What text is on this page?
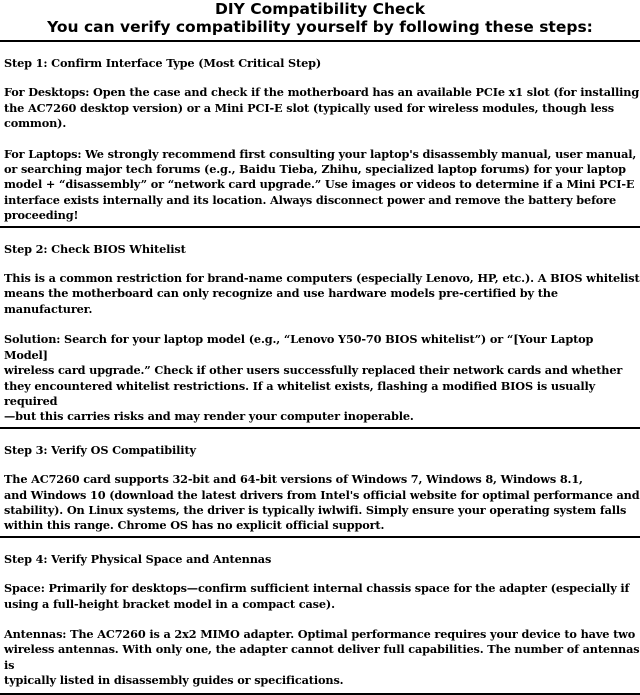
DIY Compatibility Check
You can verify compatibility yourself by following these steps:
Step 1: Confirm Interface Type (Most Critical Step)
For Desktops: Open the case and check if the motherboard has an available PCIe x1 slot (for installing
the AC7260 desktop version) or a Mini PCI-E slot (typically used for wireless modules, though less common).
For Laptops: We strongly recommend first consulting your laptop's disassembly manual, user manual,
or searching major tech forums (e.g., Baidu Tieba, Zhihu, specialized laptop forums) for your laptop
model + “disassembly” or “network card upgrade.” Use images or videos to determine if a Mini PCI-E
interface exists internally and its location. Always disconnect power and remove the battery before
proceeding!
Step 2: Check BIOS Whitelist
This is a common restriction for brand-name computers (especially Lenovo, HP, etc.). A BIOS whitelist
means the motherboard can only recognize and use hardware models pre-certified by the manufacturer.
Solution: Search for your laptop model (e.g., “Lenovo Y50-70 BIOS whitelist”) or “[Your Laptop Model]
wireless card upgrade.” Check if other users successfully replaced their network cards and whether
they encountered whitelist restrictions. If a whitelist exists, flashing a modified BIOS is usually required
—but this carries risks and may render your computer inoperable.
Step 3: Verify OS Compatibility
The AC7260 card supports 32-bit and 64-bit versions of Windows 7, Windows 8, Windows 8.1,
and Windows 10 (download the latest drivers from Intel's official website for optimal performance and
stability). On Linux systems, the driver is typically iwlwifi. Simply ensure your operating system falls
within this range. Chrome OS has no explicit official support.
Step 4: Verify Physical Space and Antennas
Space: Primarily for desktops—confirm sufficient internal chassis space for the adapter (especially if
using a full-height bracket model in a compact case).
Antennas: The AC7260 is a 2x2 MIMO adapter. Optimal performance requires your device to have two
wireless antennas. With only one, the adapter cannot deliver full capabilities. The number of antennas is
typically listed in disassembly guides or specifications.
